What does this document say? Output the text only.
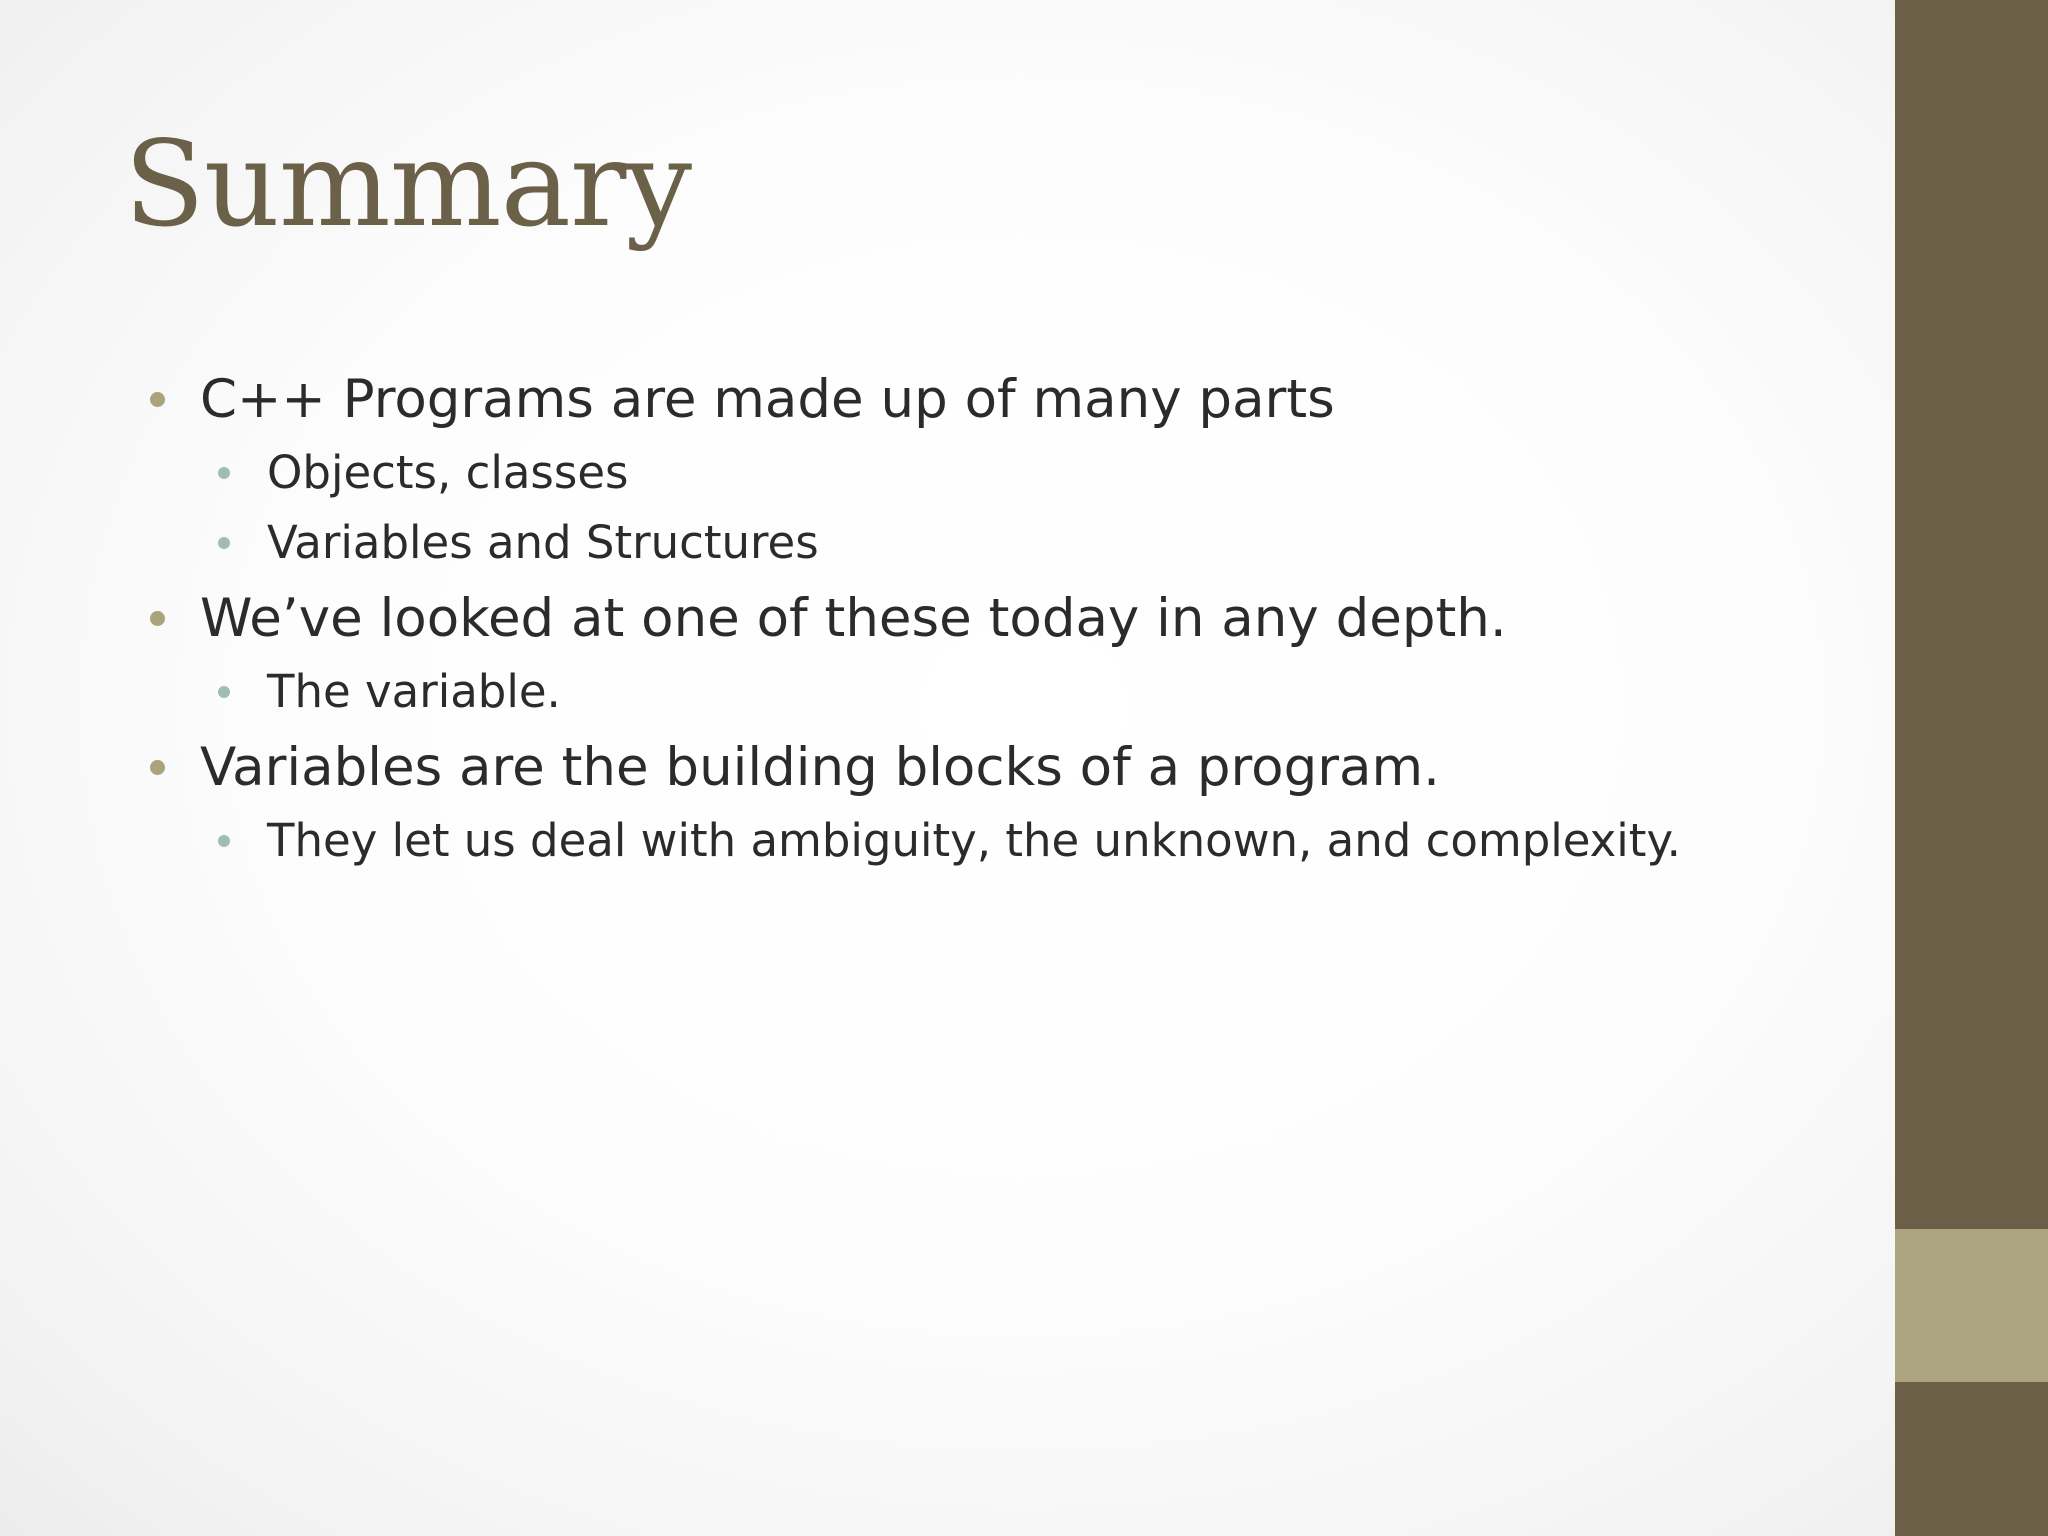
Summary
C++ Programs are made up of many parts
Objects, classes
Variables and Structures
We’ve looked at one of these today in any depth.
The variable.
Variables are the building blocks of a program.
They let us deal with ambiguity, the unknown, and complexity.
